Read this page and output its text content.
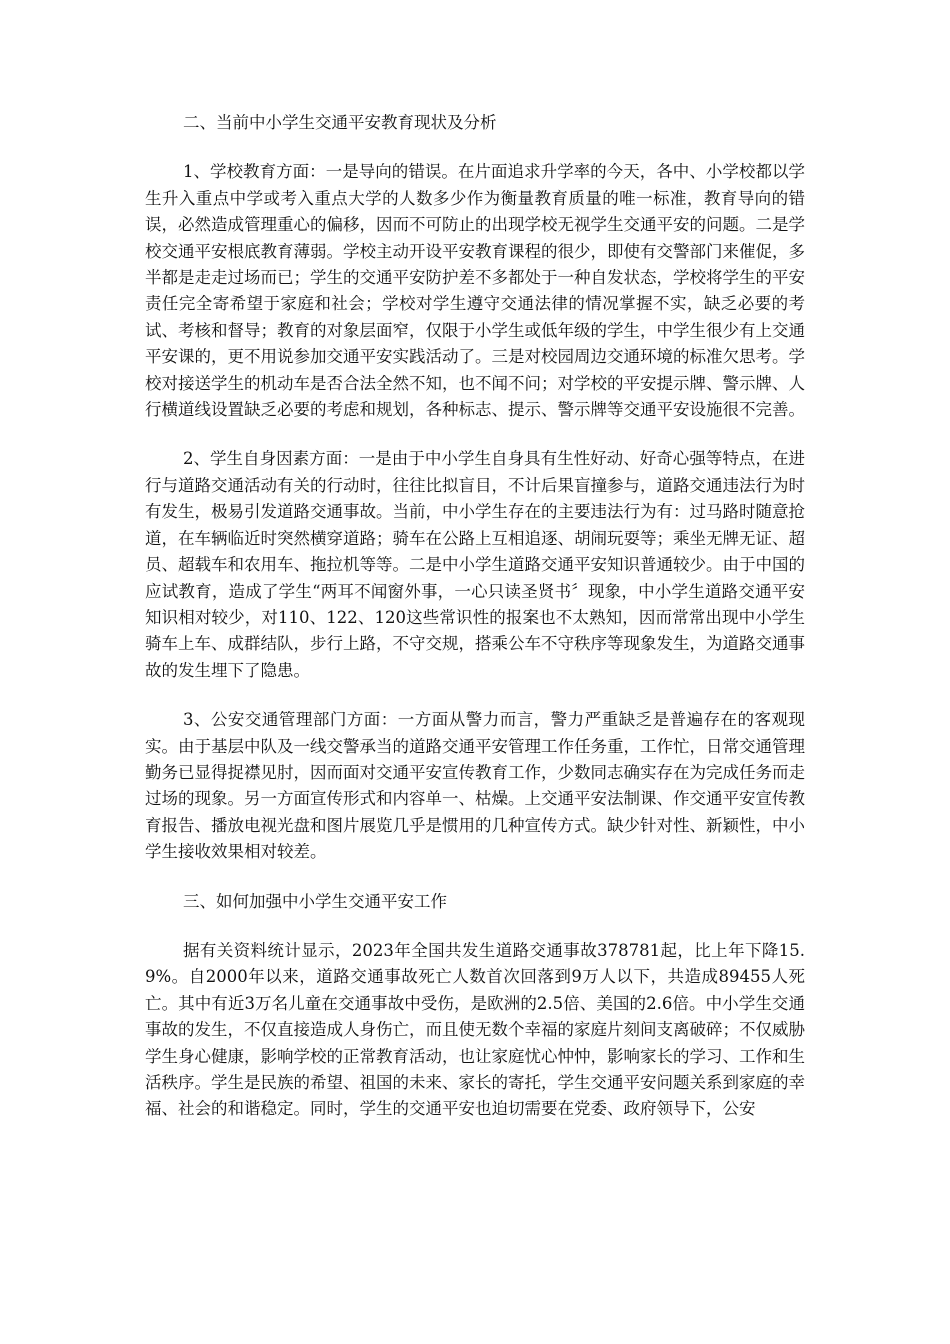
二、当前中小学生交通平安教育现状及分析

1、学校教育方面：一是导向的错误。在片面追求升学率的今天，各中、小学校都以学生升入重点中学或考入重点大学的人数多少作为衡量教育质量的唯一标准，教育导向的错误，必然造成管理重心的偏移，因而不可防止的出现学校无视学生交通平安的问题。二是学校交通平安根底教育薄弱。学校主动开设平安教育课程的很少，即使有交警部门来催促，多半都是走走过场而已；学生的交通平安防护差不多都处于一种自发状态，学校将学生的平安责任完全寄希望于家庭和社会；学校对学生遵守交通法律的情况掌握不实，缺乏必要的考试、考核和督导；教育的对象层面窄，仅限于小学生或低年级的学生，中学生很少有上交通平安课的，更不用说参加交通平安实践活动了。三是对校园周边交通环境的标准欠思考。学校对接送学生的机动车是否合法全然不知，也不闻不问；对学校的平安提示牌、警示牌、人行横道线设置缺乏必要的考虑和规划，各种标志、提示、警示牌等交通平安设施很不完善。

2、学生自身因素方面：一是由于中小学生自身具有生性好动、好奇心强等特点，在进行与道路交通活动有关的行动时，往往比拟盲目，不计后果盲撞参与，道路交通违法行为时有发生，极易引发道路交通事故。当前，中小学生存在的主要违法行为有：过马路时随意抢道，在车辆临近时突然横穿道路；骑车在公路上互相追逐、胡闹玩耍等；乘坐无牌无证、超员、超载车和农用车、拖拉机等等。二是中小学生道路交通平安知识普通较少。由于中国的应试教育，造成了学生“两耳不闻窗外事，一心只读圣贤书〞现象，中小学生道路交通平安知识相对较少，对110、122、120这些常识性的报案也不太熟知，因而常常出现中小学生骑车上车、成群结队，步行上路，不守交规，搭乘公车不守秩序等现象发生，为道路交通事故的发生埋下了隐患。

3、公安交通管理部门方面：一方面从警力而言，警力严重缺乏是普遍存在的客观现实。由于基层中队及一线交警承当的道路交通平安管理工作任务重，工作忙，日常交通管理勤务已显得捉襟见肘，因而面对交通平安宣传教育工作，少数同志确实存在为完成任务而走过场的现象。另一方面宣传形式和内容单一、枯燥。上交通平安法制课、作交通平安宣传教育报告、播放电视光盘和图片展览几乎是惯用的几种宣传方式。缺少针对性、新颖性，中小学生接收效果相对较差。

三、如何加强中小学生交通平安工作

据有关资料统计显示，2023年全国共发生道路交通事故378781起，比上年下降15.9%。自2000年以来，道路交通事故死亡人数首次回落到9万人以下，共造成89455人死亡。其中有近3万名儿童在交通事故中受伤，是欧洲的2.5倍、美国的2.6倍。中小学生交通事故的发生，不仅直接造成人身伤亡，而且使无数个幸福的家庭片刻间支离破碎；不仅威胁学生身心健康，影响学校的正常教育活动，也让家庭忧心忡忡，影响家长的学习、工作和生活秩序。学生是民族的希望、祖国的未来、家长的寄托，学生交通平安问题关系到家庭的幸福、社会的和谐稳定。同时，学生的交通平安也迫切需要在党委、政府领导下，公安
